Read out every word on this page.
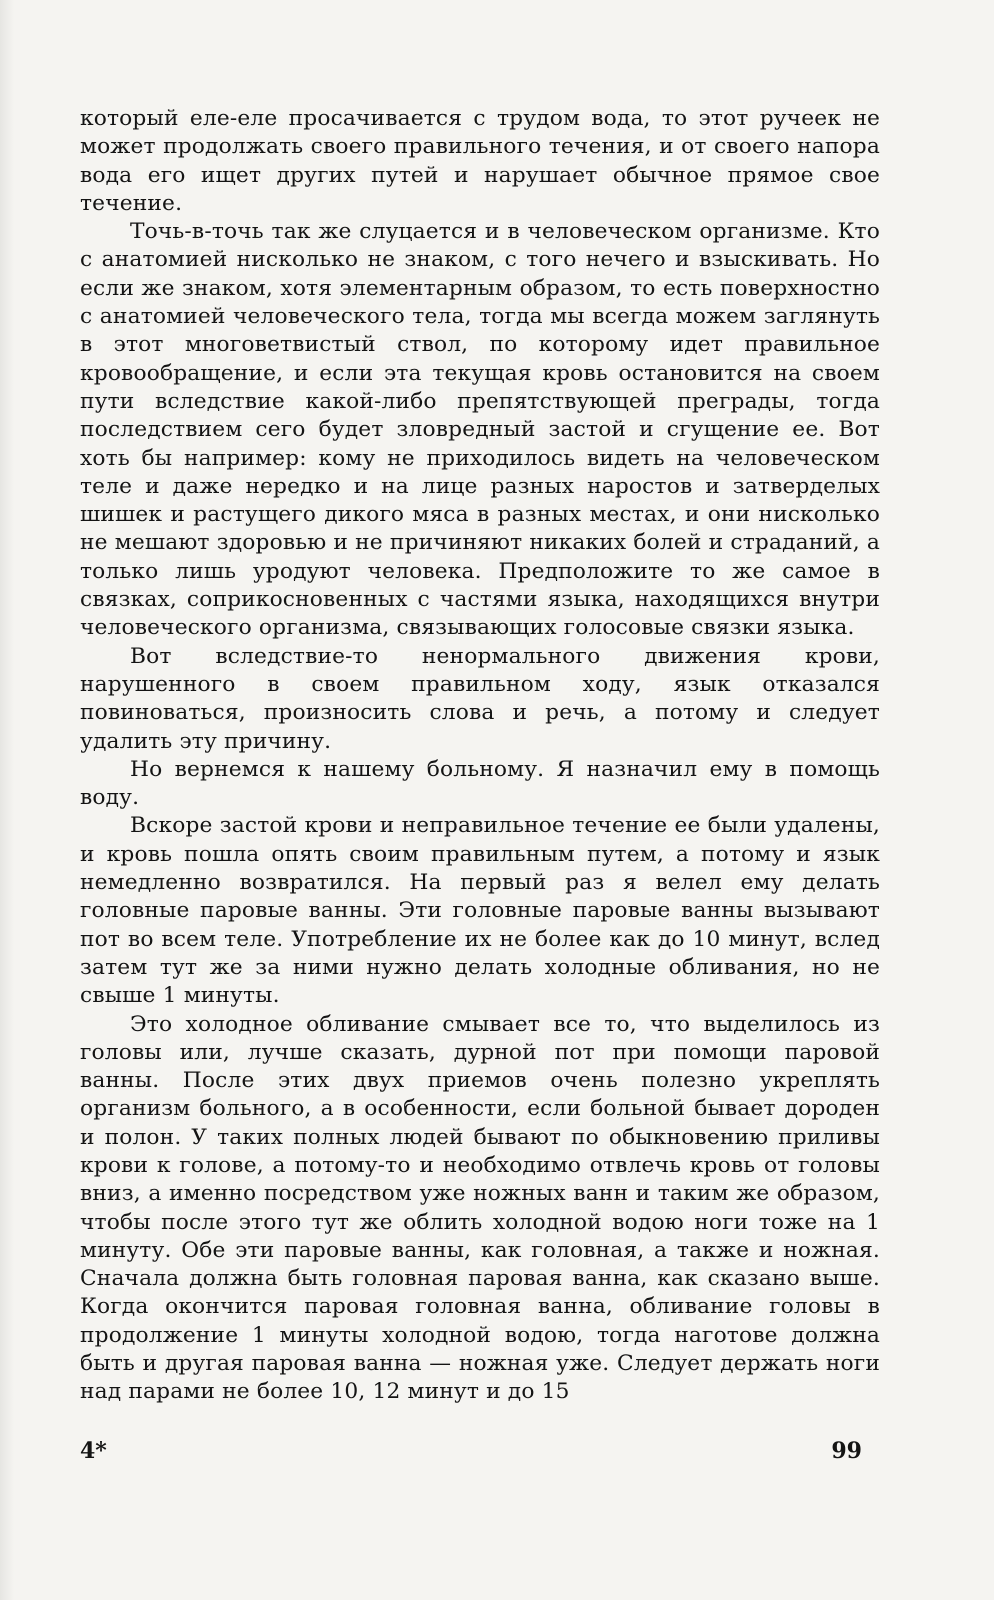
который еле-еле просачивается с трудом вода, то этот ручеек не может продолжать своего правильного течения, и от своего напора вода его ищет других путей и нарушает обычное прямое свое течение.

Точь-в-точь так же слуцается и в человеческом организме. Кто с анатомией нисколько не знаком, с того нечего и взыскивать. Но если же знаком, хотя элементарным образом, то есть поверхностно с анатомией человеческого тела, тогда мы всегда можем заглянуть в этот многоветвистый ствол, по которому идет правильное кровообращение, и если эта текущая кровь остановится на своем пути вследствие какой-либо препятствующей преграды, тогда последствием сего будет зловредный застой и сгущение ее. Вот хоть бы например: кому не приходилось видеть на человеческом теле и даже нередко и на лице разных наростов и затверделых шишек и растущего дикого мяса в разных местах, и они нисколько не мешают здоровью и не причиняют никаких болей и страданий, а только лишь уродуют человека. Предположите то же самое в связках, соприкосновенных с частями языка, находящихся внутри человеческого организма, связывающих голосовые связки языка.

Вот вследствие-то ненормального движения крови, нарушенного в своем правильном ходу, язык отказался повиноваться, произносить слова и речь, а потому и следует удалить эту причину.

Но вернемся к нашему больному. Я назначил ему в помощь воду.

Вскоре застой крови и неправильное течение ее были удалены, и кровь пошла опять своим правильным путем, а потому и язык немедленно возвратился. На первый раз я велел ему делать головные паровые ванны. Эти головные паровые ванны вызывают пот во всем теле. Употребление их не более как до 10 минут, вслед затем тут же за ними нужно делать холодные обливания, но не свыше 1 минуты.

Это холодное обливание смывает все то, что выделилось из головы или, лучше сказать, дурной пот при помощи паровой ванны. После этих двух приемов очень полезно укреплять организм больного, а в особенности, если больной бывает дороден и полон. У таких полных людей бывают по обыкновению приливы крови к голове, а потому-то и необходимо отвлечь кровь от головы вниз, а именно посредством уже ножных ванн и таким же образом, чтобы после этого тут же облить холодной водою ноги тоже на 1 минуту. Обе эти паровые ванны, как головная, а также и ножная. Сначала должна быть головная паровая ванна, как сказано выше. Когда окончится паровая головная ванна, обливание головы в продолжение 1 минуты холодной водою, тогда наготове должна быть и другая паровая ванна — ножная уже. Следует держать ноги над парами не более 10, 12 минут и до 15

4*	99
